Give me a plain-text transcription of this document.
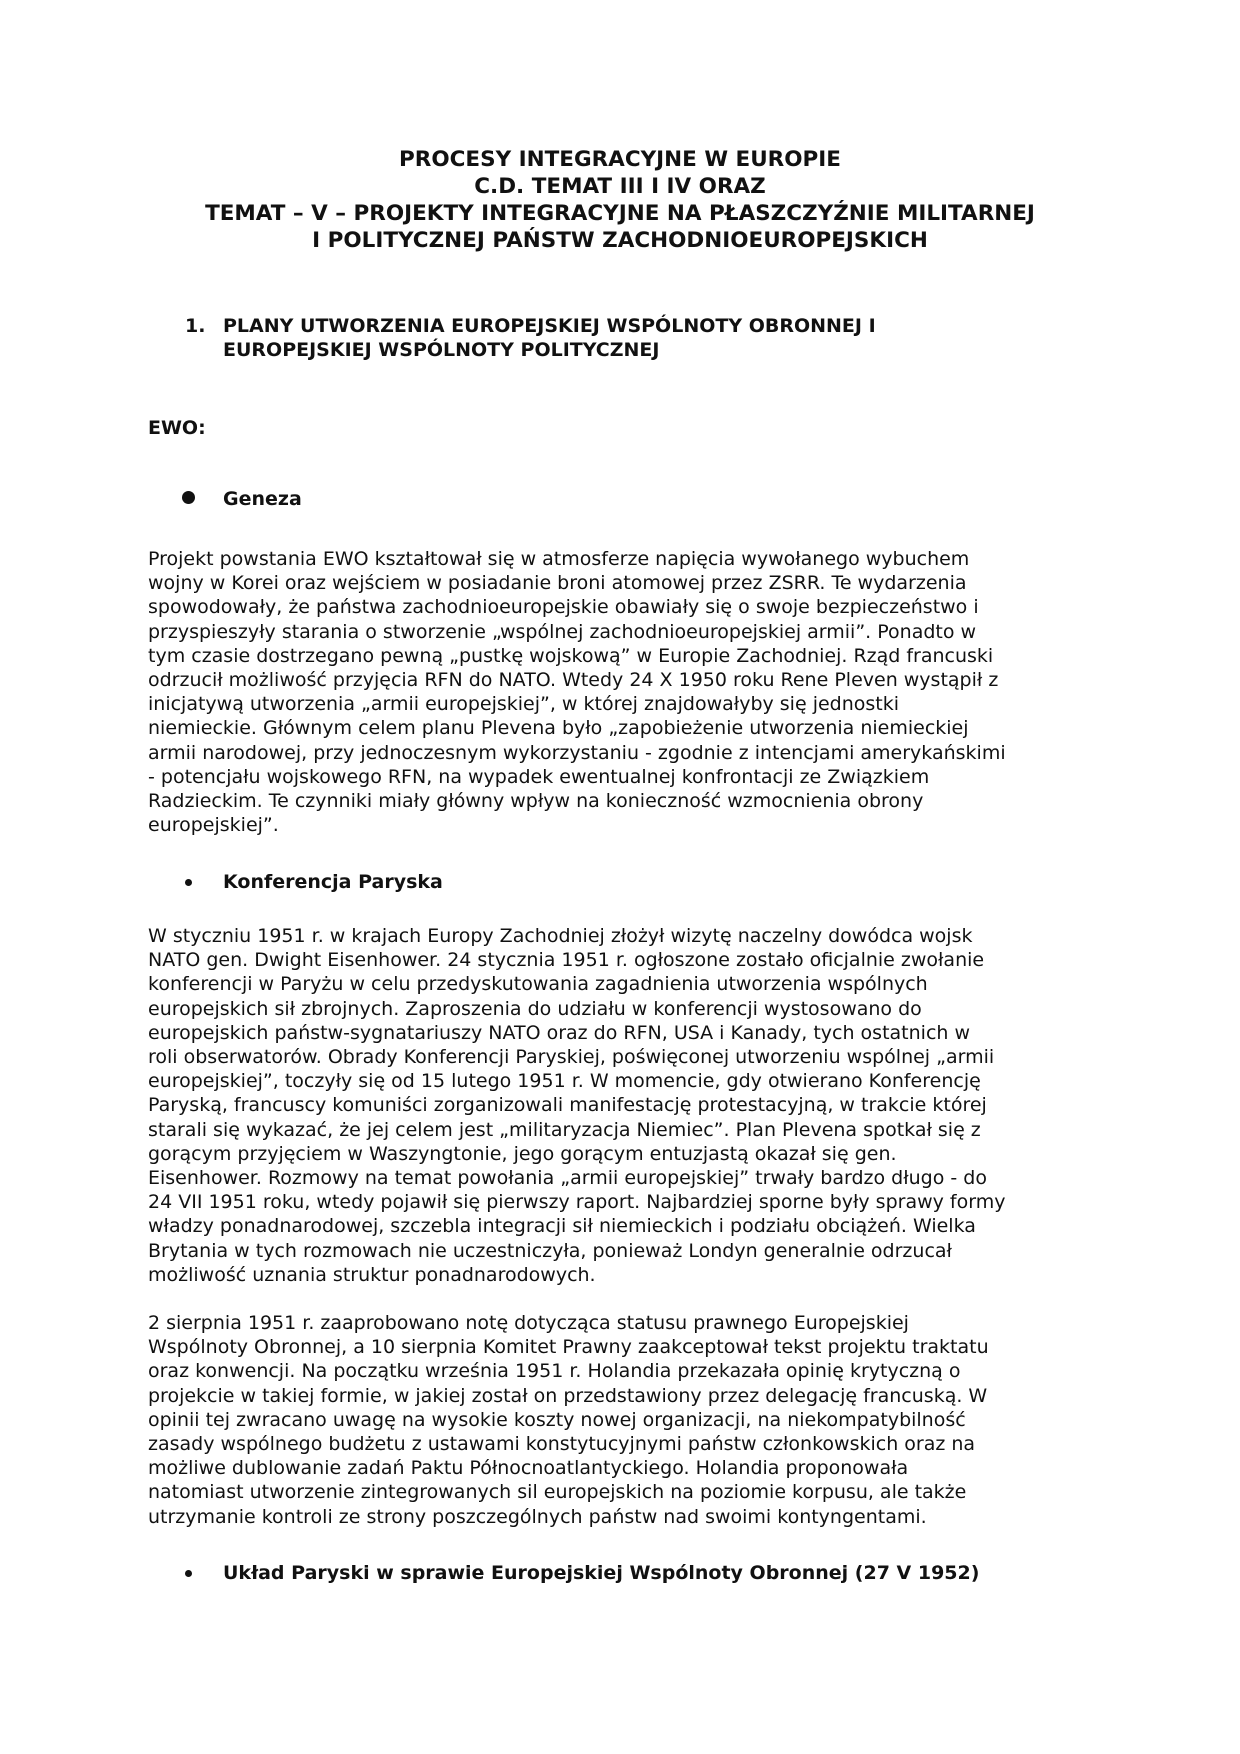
PROCESY INTEGRACYJNE W EUROPIE
C.D. TEMAT III I IV ORAZ
TEMAT – V – PROJEKTY INTEGRACYJNE NA PŁASZCZYŹNIE MILITARNEJ
I POLITYCZNEJ PAŃSTW ZACHODNIOEUROPEJSKICH
1. PLANY UTWORZENIA EUROPEJSKIEJ WSPÓLNOTY OBRONNEJ I
EUROPEJSKIEJ WSPÓLNOTY POLITYCZNEJ
EWO:
Geneza
Projekt powstania EWO kształtował się w atmosferze napięcia wywołanego wybuchem
wojny w Korei oraz wejściem w posiadanie broni atomowej przez ZSRR. Te wydarzenia
spowodowały, że państwa zachodnioeuropejskie obawiały się o swoje bezpieczeństwo i
przyspieszyły starania o stworzenie „wspólnej zachodnioeuropejskiej armii”. Ponadto w
tym czasie dostrzegano pewną „pustkę wojskową” w Europie Zachodniej. Rząd francuski
odrzucił możliwość przyjęcia RFN do NATO. Wtedy 24 X 1950 roku Rene Pleven wystąpił z
inicjatywą utworzenia „armii europejskiej”, w której znajdowałyby się jednostki
niemieckie. Głównym celem planu Plevena było „zapobieżenie utworzenia niemieckiej
armii narodowej, przy jednoczesnym wykorzystaniu - zgodnie z intencjami amerykańskimi
- potencjału wojskowego RFN, na wypadek ewentualnej konfrontacji ze Związkiem
Radzieckim. Te czynniki miały główny wpływ na konieczność wzmocnienia obrony
europejskiej”.
Konferencja Paryska
W styczniu 1951 r. w krajach Europy Zachodniej złożył wizytę naczelny dowódca wojsk
NATO gen. Dwight Eisenhower. 24 stycznia 1951 r. ogłoszone zostało oficjalnie zwołanie
konferencji w Paryżu w celu przedyskutowania zagadnienia utworzenia wspólnych
europejskich sił zbrojnych. Zaproszenia do udziału w konferencji wystosowano do
europejskich państw-sygnatariuszy NATO oraz do RFN, USA i Kanady, tych ostatnich w
roli obserwatorów. Obrady Konferencji Paryskiej, poświęconej utworzeniu wspólnej „armii
europejskiej”, toczyły się od 15 lutego 1951 r. W momencie, gdy otwierano Konferencję
Paryską, francuscy komuniści zorganizowali manifestację protestacyjną, w trakcie której
starali się wykazać, że jej celem jest „militaryzacja Niemiec”. Plan Plevena spotkał się z
gorącym przyjęciem w Waszyngtonie, jego gorącym entuzjastą okazał się gen.
Eisenhower. Rozmowy na temat powołania „armii europejskiej” trwały bardzo długo - do
24 VII 1951 roku, wtedy pojawił się pierwszy raport. Najbardziej sporne były sprawy formy
władzy ponadnarodowej, szczebla integracji sił niemieckich i podziału obciążeń. Wielka
Brytania w tych rozmowach nie uczestniczyła, ponieważ Londyn generalnie odrzucał
możliwość uznania struktur ponadnarodowych.
2 sierpnia 1951 r. zaaprobowano notę dotycząca statusu prawnego Europejskiej
Wspólnoty Obronnej, a 10 sierpnia Komitet Prawny zaakceptował tekst projektu traktatu
oraz konwencji. Na początku września 1951 r. Holandia przekazała opinię krytyczną o
projekcie w takiej formie, w jakiej został on przedstawiony przez delegację francuską. W
opinii tej zwracano uwagę na wysokie koszty nowej organizacji, na niekompatybilność
zasady wspólnego budżetu z ustawami konstytucyjnymi państw członkowskich oraz na
możliwe dublowanie zadań Paktu Północnoatlantyckiego. Holandia proponowała
natomiast utworzenie zintegrowanych sil europejskich na poziomie korpusu, ale także
utrzymanie kontroli ze strony poszczególnych państw nad swoimi kontyngentami.
Układ Paryski w sprawie Europejskiej Wspólnoty Obronnej (27 V 1952)
